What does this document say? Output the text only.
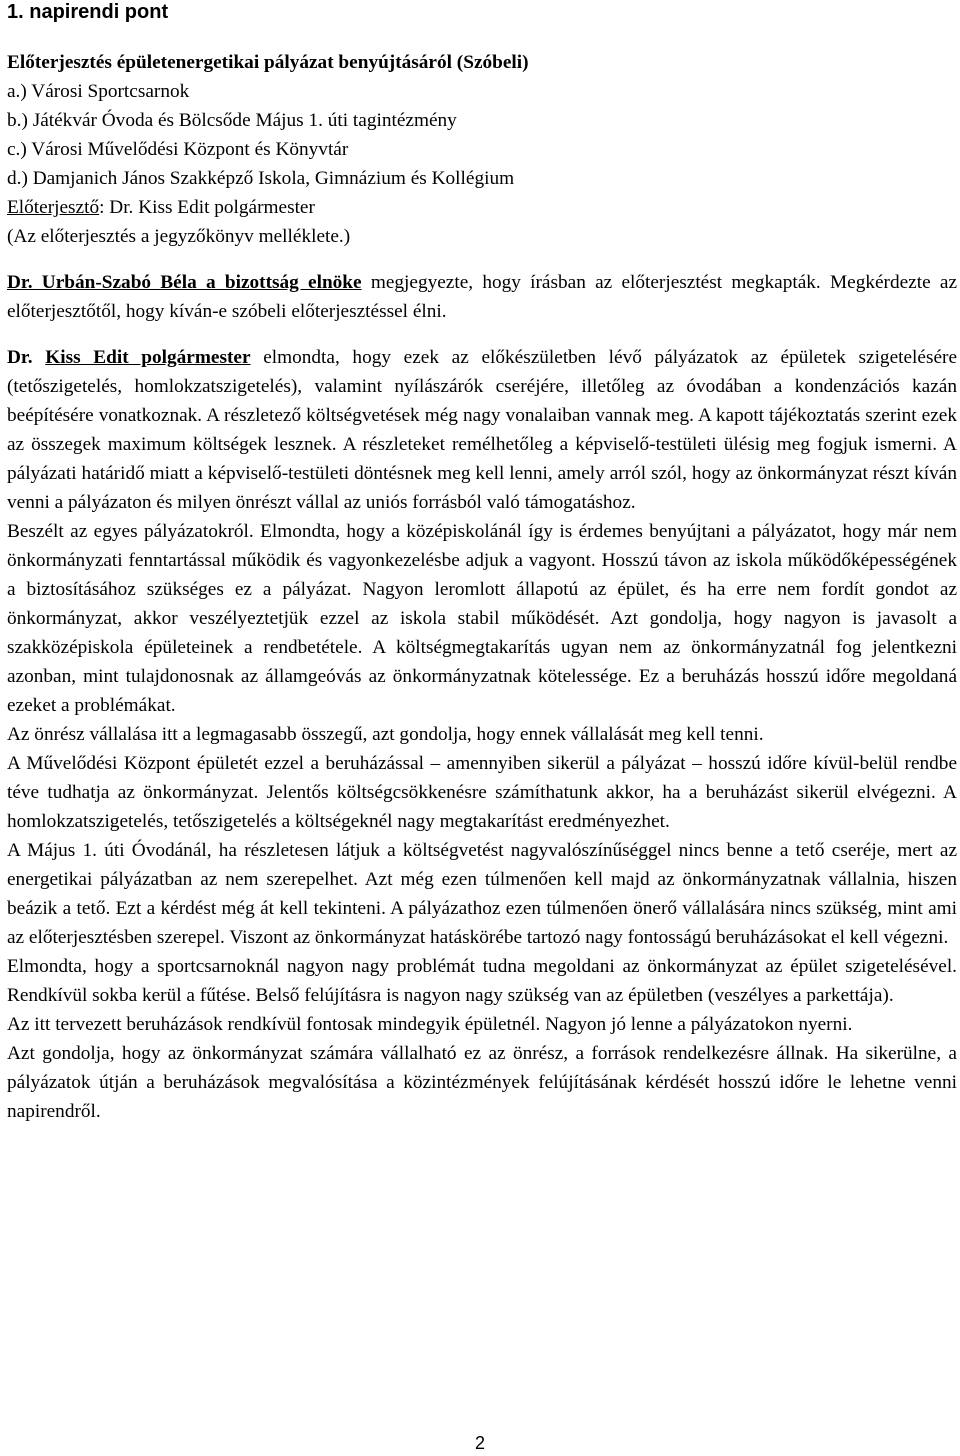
1. napirendi pont

Előterjesztés épületenergetikai pályázat benyújtásáról (Szóbeli)
a.) Városi Sportcsarnok
b.) Játékvár Óvoda és Bölcsőde Május 1. úti tagintézmény
c.) Városi Művelődési Központ és Könyvtár
d.) Damjanich János Szakképző Iskola, Gimnázium és Kollégium
Előterjesztő: Dr. Kiss Edit polgármester
(Az előterjesztés a jegyzőkönyv melléklete.)

Dr. Urbán-Szabó Béla a bizottság elnöke megjegyezte, hogy írásban az előterjesztést megkapták. Megkérdezte az előterjesztőtől, hogy kíván-e szóbeli előterjesztéssel élni.

Dr. Kiss Edit polgármester elmondta, hogy ezek az előkészületben lévő pályázatok az épületek szigetelésére (tetőszigetelés, homlokzatszigetelés), valamint nyílászárók cseréjére, illetőleg az óvodában a kondenzációs kazán beépítésére vonatkoznak. A részletező költségvetések még nagy vonalaiban vannak meg. A kapott tájékoztatás szerint ezek az összegek maximum költségek lesznek. A részleteket remélhetőleg a képviselő-testületi ülésig meg fogjuk ismerni. A pályázati határidő miatt a képviselő-testületi döntésnek meg kell lenni, amely arról szól, hogy az önkormányzat részt kíván venni a pályázaton és milyen önrészt vállal az uniós forrásból való támogatáshoz.

Beszélt az egyes pályázatokról. Elmondta, hogy a középiskolánál így is érdemes benyújtani a pályázatot, hogy már nem önkormányzati fenntartással működik és vagyonkezelésbe adjuk a vagyont. Hosszú távon az iskola működőképességének a biztosításához szükséges ez a pályázat. Nagyon leromlott állapotú az épület, és ha erre nem fordít gondot az önkormányzat, akkor veszélyeztetjük ezzel az iskola stabil működését. Azt gondolja, hogy nagyon is javasolt a szakközépiskola épületeinek a rendbetétele. A költségmegtakarítás ugyan nem az önkormányzatnál fog jelentkezni azonban, mint tulajdonosnak az államgeóvás az önkormányzatnak kötelessége. Ez a beruházás hosszú időre megoldaná ezeket a problémákat.

Az önrész vállalása itt a legmagasabb összegű, azt gondolja, hogy ennek vállalását meg kell tenni.

A Művelődési Központ épületét ezzel a beruházással – amennyiben sikerül a pályázat – hosszú időre kívül-belül rendbe téve tudhatja az önkormányzat. Jelentős költségcsökkenésre számíthatunk akkor, ha a beruházást sikerül elvégezni. A homlokzatszigetelés, tetőszigetelés a költségeknél nagy megtakarítást eredményezhet.

A Május 1. úti Óvodánál, ha részletesen látjuk a költségvetést nagyvalószínűséggel nincs benne a tető cseréje, mert az energetikai pályázatban az nem szerepelhet. Azt még ezen túlmenően kell majd az önkormányzatnak vállalnia, hiszen beázik a tető. Ezt a kérdést még át kell tekinteni. A pályázathoz ezen túlmenően önerő vállalására nincs szükség, mint ami az előterjesztésben szerepel. Viszont az önkormányzat hatáskörébe tartozó nagy fontosságú beruházásokat el kell végezni.

Elmondta, hogy a sportcsarnoknál nagyon nagy problémát tudna megoldani az önkormányzat az épület szigetelésével. Rendkívül sokba kerül a fűtése. Belső felújításra is nagyon nagy szükség van az épületben (veszélyes a parkettája).

Az itt tervezett beruházások rendkívül fontosak mindegyik épületnél. Nagyon jó lenne a pályázatokon nyerni.

Azt gondolja, hogy az önkormányzat számára vállalható ez az önrész, a források rendelkezésre állnak. Ha sikerülne, a pályázatok útján a beruházások megvalósítása a közintézmények felújításának kérdését hosszú időre le lehetne venni napirendről.

2
